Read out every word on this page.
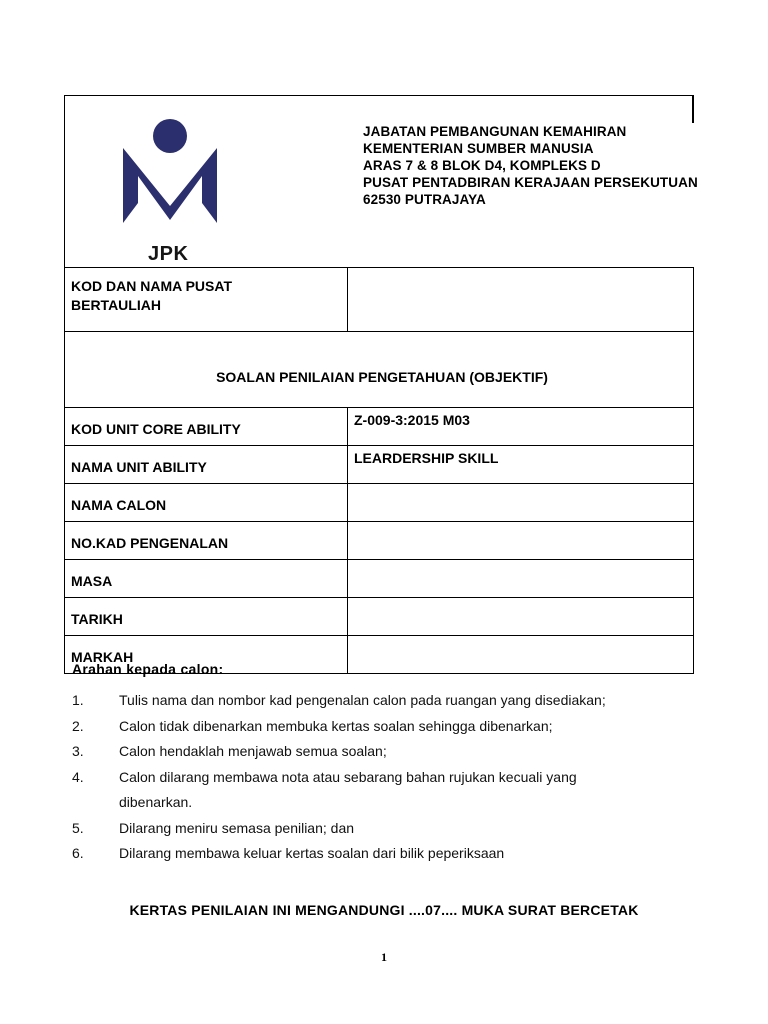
JPK
JABATAN PEMBANGUNAN KEMAHIRAN
KEMENTERIAN SUMBER MANUSIA
ARAS 7 & 8 BLOK D4, KOMPLEKS D
PUSAT PENTADBIRAN KERAJAAN PERSEKUTUAN
62530 PUTRAJAYA
KOD DAN NAMA PUSAT
BERTAULIAH	

SOALAN PENILAIAN PENGETAHUAN (OBJEKTIF)	
KOD UNIT CORE ABILITY	Z-009-3:2015 M03
NAMA UNIT ABILITY	LEARDERSHIP SKILL
NAMA CALON	
NO.KAD PENGENALAN	
MASA	
TARIKH	
MARKAH	
Arahan kepada calon:
1.	Tulis nama dan nombor kad pengenalan calon pada ruangan yang disediakan;
2.	Calon tidak dibenarkan membuka kertas soalan sehingga dibenarkan;
3.	Calon hendaklah menjawab semua soalan;
4.	Calon dilarang membawa nota atau sebarang bahan rujukan kecuali yang
dibenarkan.
5.	Dilarang meniru semasa penilian; dan
6.	Dilarang membawa keluar kertas soalan dari bilik peperiksaan
KERTAS PENILAIAN INI MENGANDUNGI ....07.... MUKA SURAT BERCETAK
1
